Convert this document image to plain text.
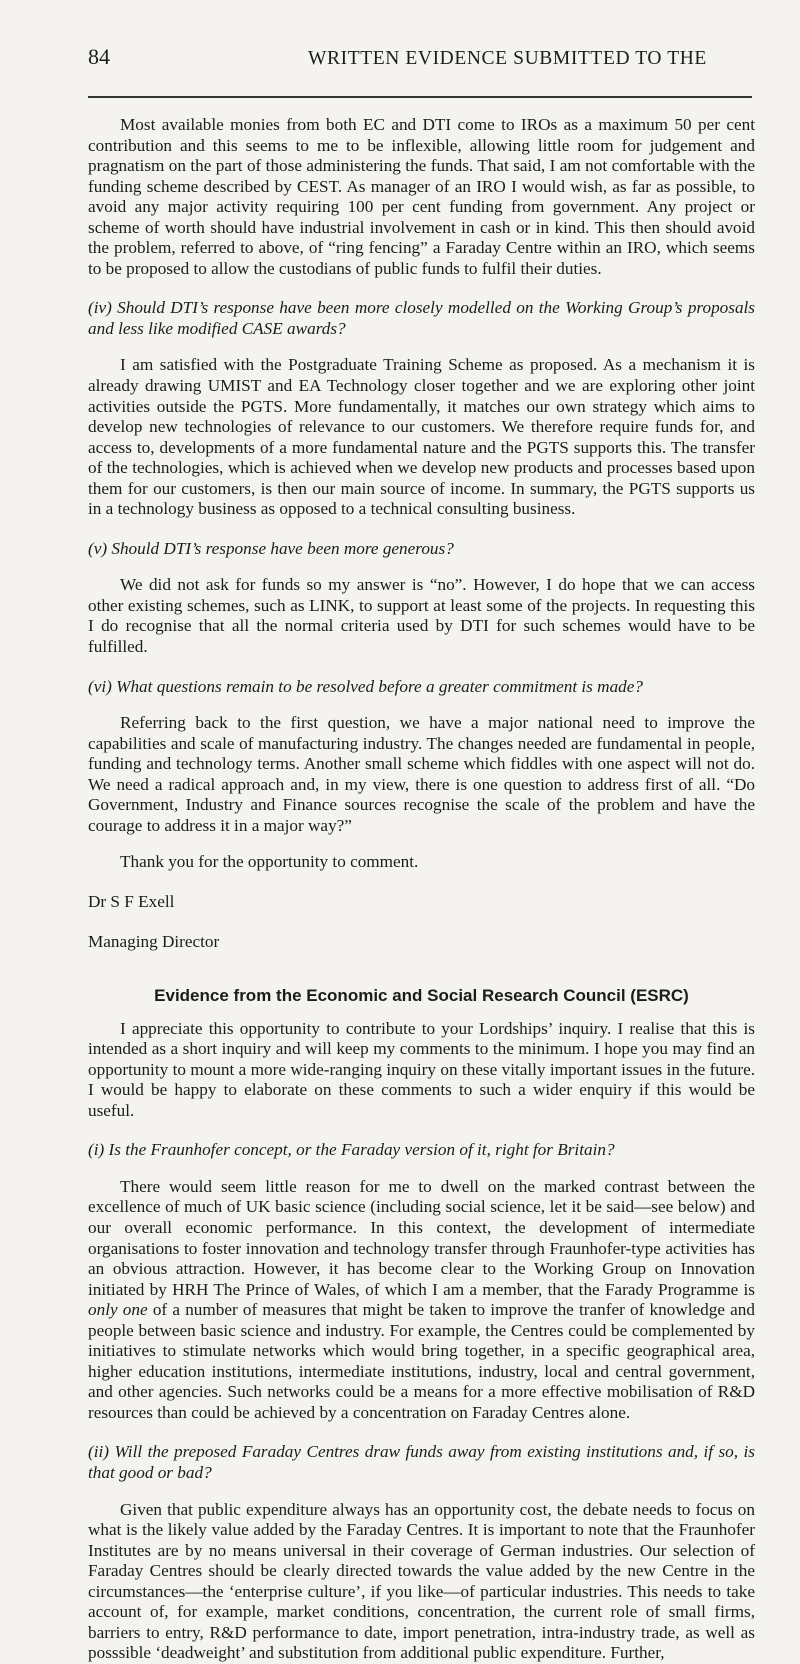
84	WRITTEN EVIDENCE SUBMITTED TO THE

Most available monies from both EC and DTI come to IROs as a maximum 50 per cent contribution and this seems to me to be inflexible, allowing little room for judgement and pragnatism on the part of those administering the funds. That said, I am not comfortable with the funding scheme described by CEST. As manager of an IRO I would wish, as far as possible, to avoid any major activity requiring 100 per cent funding from government. Any project or scheme of worth should have industrial involvement in cash or in kind. This then should avoid the problem, referred to above, of “ring fencing” a Faraday Centre within an IRO, which seems to be proposed to allow the custodians of public funds to fulfil their duties.

(iv) Should DTI’s response have been more closely modelled on the Working Group’s proposals and less like modified CASE awards?

I am satisfied with the Postgraduate Training Scheme as proposed. As a mechanism it is already drawing UMIST and EA Technology closer together and we are exploring other joint activities outside the PGTS. More fundamentally, it matches our own strategy which aims to develop new technologies of relevance to our customers. We therefore require funds for, and access to, developments of a more fundamental nature and the PGTS supports this. The transfer of the technologies, which is achieved when we develop new products and processes based upon them for our customers, is then our main source of income. In summary, the PGTS supports us in a technology business as opposed to a technical consulting business.

(v) Should DTI’s response have been more generous?

We did not ask for funds so my answer is “no”. However, I do hope that we can access other existing schemes, such as LINK, to support at least some of the projects. In requesting this I do recognise that all the normal criteria used by DTI for such schemes would have to be fulfilled.

(vi) What questions remain to be resolved before a greater commitment is made?

Referring back to the first question, we have a major national need to improve the capabilities and scale of manufacturing industry. The changes needed are fundamental in people, funding and technology terms. Another small scheme which fiddles with one aspect will not do. We need a radical approach and, in my view, there is one question to address first of all. “Do Government, Industry and Finance sources recognise the scale of the problem and have the courage to address it in a major way?”

Thank you for the opportunity to comment.

Dr S F Exell

Managing Director

Evidence from the Economic and Social Research Council (ESRC)

I appreciate this opportunity to contribute to your Lordships’ inquiry. I realise that this is intended as a short inquiry and will keep my comments to the minimum. I hope you may find an opportunity to mount a more wide-ranging inquiry on these vitally important issues in the future. I would be happy to elaborate on these comments to such a wider enquiry if this would be useful.

(i) Is the Fraunhofer concept, or the Faraday version of it, right for Britain?

There would seem little reason for me to dwell on the marked contrast between the excellence of much of UK basic science (including social science, let it be said—see below) and our overall economic performance. In this context, the development of intermediate organisations to foster innovation and technology transfer through Fraunhofer-type activities has an obvious attraction. However, it has become clear to the Working Group on Innovation initiated by HRH The Prince of Wales, of which I am a member, that the Farady Programme is only one of a number of measures that might be taken to improve the tranfer of knowledge and people between basic science and industry. For example, the Centres could be complemented by initiatives to stimulate networks which would bring together, in a specific geographical area, higher education institutions, intermediate institutions, industry, local and central government, and other agencies. Such networks could be a means for a more effective mobilisation of R&D resources than could be achieved by a concentration on Faraday Centres alone.

(ii) Will the preposed Faraday Centres draw funds away from existing institutions and, if so, is that good or bad?

Given that public expenditure always has an opportunity cost, the debate needs to focus on what is the likely value added by the Faraday Centres. It is important to note that the Fraunhofer Institutes are by no means universal in their coverage of German industries. Our selection of Faraday Centres should be clearly directed towards the value added by the new Centre in the circumstances—the ‘enterprise culture’, if you like—of particular industries. This needs to take account of, for example, market conditions, concentration, the current role of small firms, barriers to entry, R&D performance to date, import penetration, intra-industry trade, as well as posssible ‘deadweight’ and substitution from additional public expenditure. Further,
